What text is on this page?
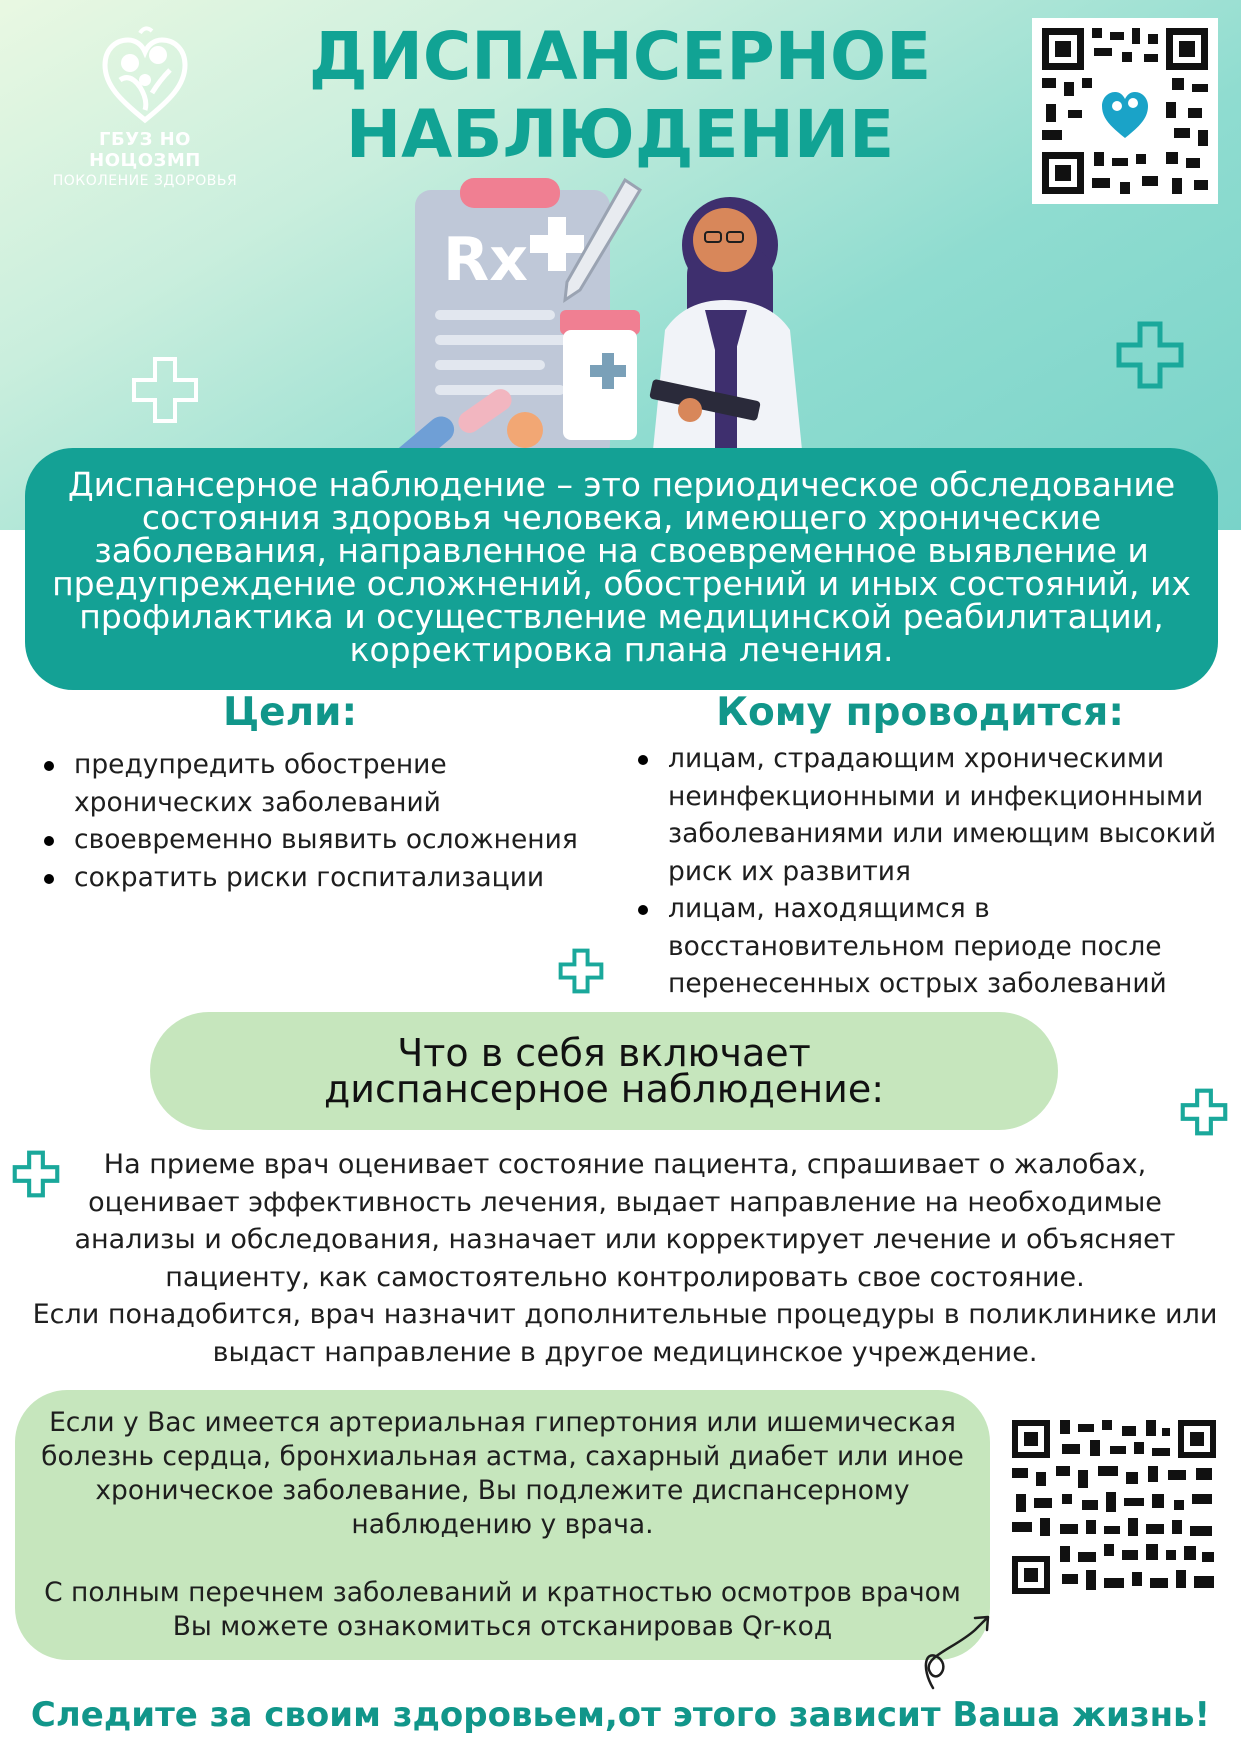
ГБУЗ НО НОЦОЗМП
ПОКОЛЕНИЕ ЗДОРОВЬЯ
ДИСПАНСЕРНОЕ
НАБЛЮДЕНИЕ
Rx

Диспансерное наблюдение – это периодическое обследование состояния здоровья человека, имеющего хронические заболевания, направленное на своевременное выявление и предупреждение осложнений, обострений и иных состояний, их профилактика и осуществление медицинской реабилитации, корректировка плана лечения.

Цели:
предупредить обострение хронических заболеваний
своевременно выявить осложнения
сократить риски госпитализации
Кому проводится:
лицам, страдающим хроническими неинфекционными и инфекционными заболеваниями или имеющим высокий риск их развития
лицам, находящимся в восстановительном периоде после перенесенных острых заболеваний
Что в себя включает
диспансерное наблюдение:

На приеме врач оценивает состояние пациента, спрашивает о жалобах, оценивает эффективность лечения, выдает направление на необходимые анализы и обследования, назначает или корректирует лечение и объясняет пациенту, как самостоятельно контролировать свое состояние.
Если понадобится, врач назначит дополнительные процедуры в поликлинике или выдаст направление в другое медицинское учреждение.

Если у Вас имеется артериальная гипертония или ишемическая болезнь сердца, бронхиальная астма, сахарный диабет или иное хроническое заболевание, Вы подлежите диспансерному наблюдению у врача.

С полным перечнем заболеваний и кратностью осмотров врачом Вы можете ознакомиться отсканировав Qr-код

Следите за своим здоровьем,от этого зависит Ваша жизнь!
